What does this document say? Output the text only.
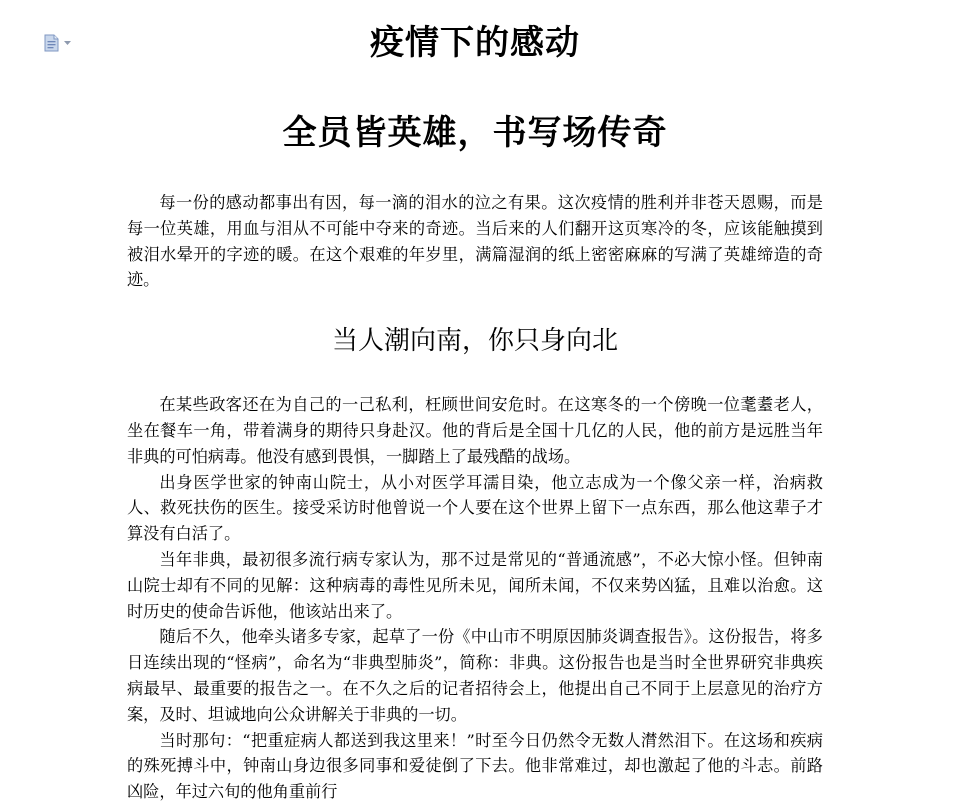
疫情下的感动
全员皆英雄，书写场传奇

每一份的感动都事出有因，每一滴的泪水的泣之有果。这次疫情的胜利并非苍天恩赐，而是每一位英雄，用血与泪从不可能中夺来的奇迹。当后来的人们翻开这页寒冷的冬，应该能触摸到被泪水晕开的字迹的暖。在这个艰难的年岁里，满篇湿润的纸上密密麻麻的写满了英雄缔造的奇迹。

当人潮向南，你只身向北

在某些政客还在为自己的一己私利，枉顾世间安危时。在这寒冬的一个傍晚一位耄耋老人，坐在餐车一角，带着满身的期待只身赴汉。他的背后是全国十几亿的人民，他的前方是远胜当年非典的可怕病毒。他没有感到畏惧，一脚踏上了最残酷的战场。

出身医学世家的钟南山院士，从小对医学耳濡目染，他立志成为一个像父亲一样，治病救人、救死扶伤的医生。接受采访时他曾说一个人要在这个世界上留下一点东西，那么他这辈子才算没有白活了。

当年非典，最初很多流行病专家认为，那不过是常见的“普通流感”，不必大惊小怪。但钟南山院士却有不同的见解：这种病毒的毒性见所未见，闻所未闻，不仅来势凶猛，且难以治愈。这时历史的使命告诉他，他该站出来了。

随后不久，他牵头诸多专家，起草了一份《中山市不明原因肺炎调查报告》。这份报告，将多日连续出现的“怪病”，命名为“非典型肺炎”，简称：非典。这份报告也是当时全世界研究非典疾病最早、最重要的报告之一。在不久之后的记者招待会上，他提出自己不同于上层意见的治疗方案，及时、坦诚地向公众讲解关于非典的一切。

当时那句：“把重症病人都送到我这里来！”时至今日仍然令无数人潸然泪下。在这场和疾病的殊死搏斗中，钟南山身边很多同事和爱徒倒了下去。他非常难过，却也激起了他的斗志。前路凶险，年过六旬的他角重前行
